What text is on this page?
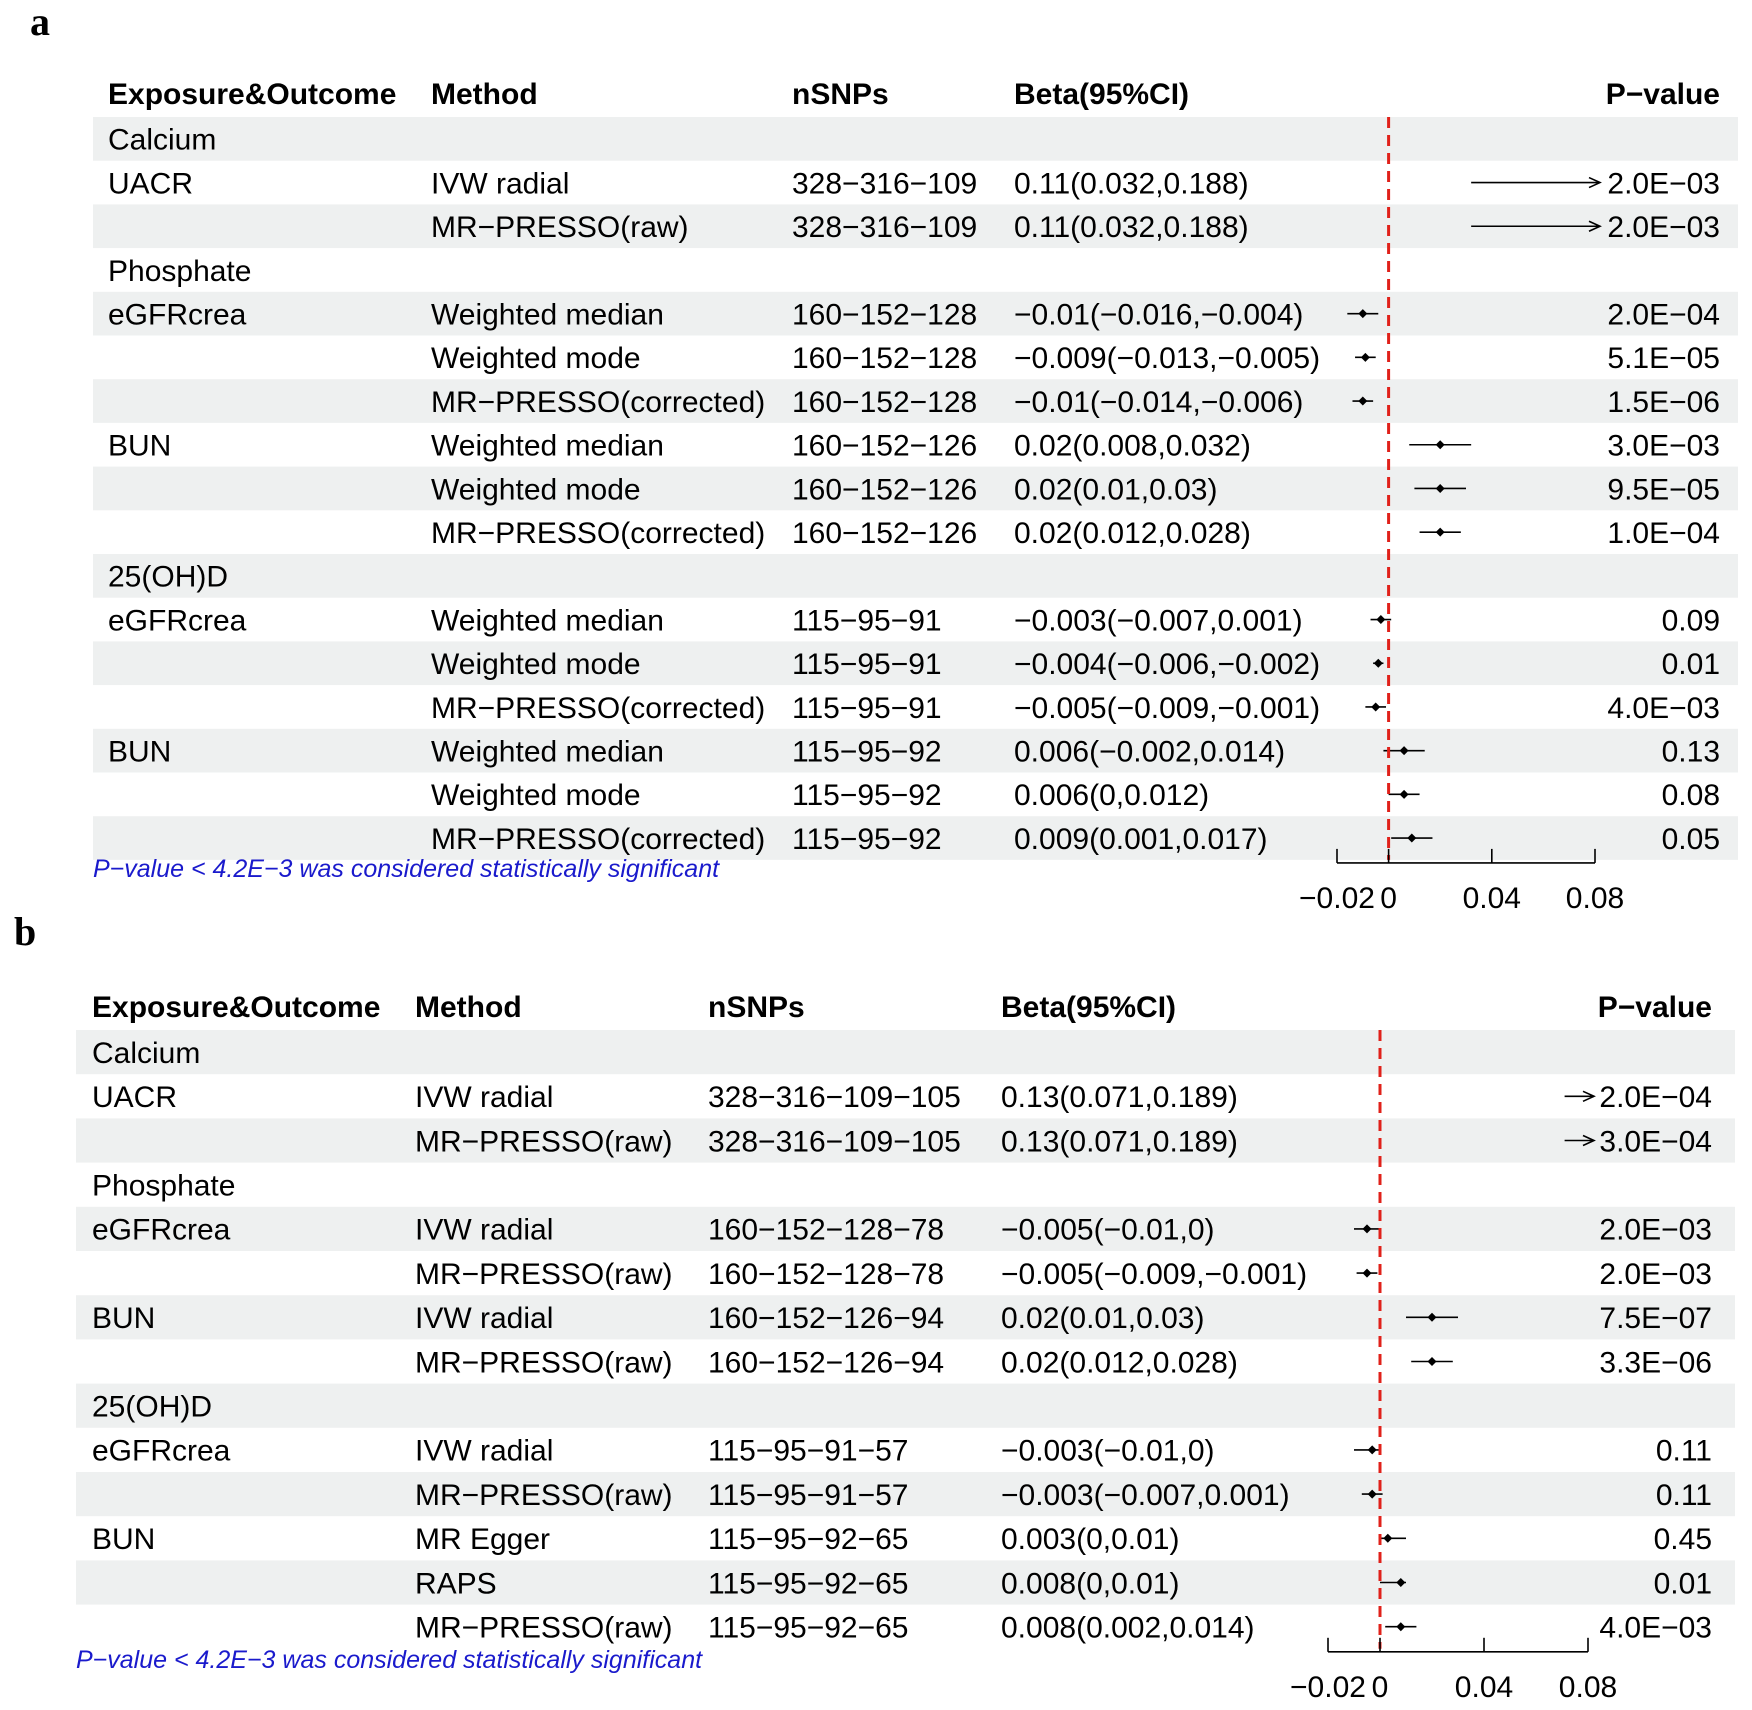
a
b
Exposure&Outcome Method	nSNPs	Beta(95%CI)	P−value
Calcium
UACR	IVW radial	328−316−109 0.11(0.032,0.188)	2.0E−03
MR−PRESSO(raw)	328−316−109 0.11(0.032,0.188)	2.0E−03
Phosphate
eGFRcrea	Weighted median	160−152−128 −0.01(−0.016,−0.004)	2.0E−04
Weighted mode	160−152−128 −0.009(−0.013,−0.005)	5.1E−05
MR−PRESSO(corrected) 160−152−128 −0.01(−0.014,−0.006)	1.5E−06
BUN	Weighted median	160−152−126 0.02(0.008,0.032)	3.0E−03
Weighted mode	160−152−126 0.02(0.01,0.03)	9.5E−05
MR−PRESSO(corrected) 160−152−126 0.02(0.012,0.028)	1.0E−04
25(OH)D
eGFRcrea	Weighted median	115−95−91 −0.003(−0.007,0.001)	0.09
Weighted mode	115−95−91 −0.004(−0.006,−0.002)	0.01
MR−PRESSO(corrected) 115−95−91 −0.005(−0.009,−0.001)	4.0E−03
BUN	Weighted median	115−95−92 0.006(−0.002,0.014)	0.13
Weighted mode	115−95−92 0.006(0,0.012)	0.08
MR−PRESSO(corrected) 115−95−92 0.009(0.001,0.017)	0.05
−0.02 0 0.04 0.08
P−value < 4.2E−3 was considered statistically significant
Exposure&Outcome Method	nSNPs	Beta(95%CI)	P−value
Calcium
UACR	IVW radial	328−316−109−105 0.13(0.071,0.189)	2.0E−04
MR−PRESSO(raw) 328−316−109−105 0.13(0.071,0.189)	3.0E−04
Phosphate
eGFRcrea	IVW radial	160−152−128−78 −0.005(−0.01,0)	2.0E−03
MR−PRESSO(raw) 160−152−128−78 −0.005(−0.009,−0.001)	2.0E−03
BUN	IVW radial	160−152−126−94 0.02(0.01,0.03)	7.5E−07
MR−PRESSO(raw) 160−152−126−94 0.02(0.012,0.028)	3.3E−06
25(OH)D
eGFRcrea	IVW radial	115−95−91−57	−0.003(−0.01,0)	0.11
MR−PRESSO(raw) 115−95−91−57	−0.003(−0.007,0.001)	0.11
BUN	MR Egger	115−95−92−65	0.003(0,0.01)	0.45
RAPS	115−95−92−65	0.008(0,0.01)	0.01
MR−PRESSO(raw) 115−95−92−65	0.008(0.002,0.014)	4.0E−03
−0.02 0 0.04 0.08
P−value < 4.2E−3 was considered statistically significant
